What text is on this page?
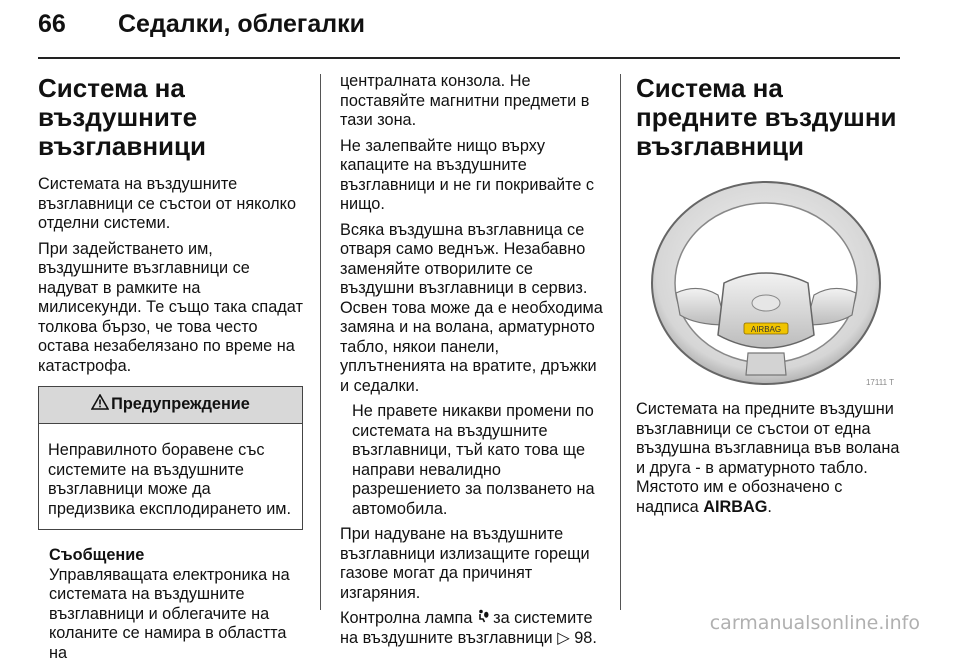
66	Седалки, облегалки
Система на въздушните възглавници

Системата на въздушните възглавници се състои от няколко отделни системи.

При задействането им, въздушните възглавници се надуват в рамките на милисекунди. Те също така спадат толкова бързо, че това често остава незабелязано по време на катастрофа.

Предупреждение
Неправилното боравене със системите на въздушните възглавници може да предизвика експлодирането им.
Съобщение
Управляващата електроника на системата на въздушните възглавници и облегачите на коланите се намира в областта на

централната конзола. Не поставяйте магнитни предмети в тази зона.

Не залепвайте нищо върху капаците на въздушните възглавници и не ги покривайте с нищо.

Всяка въздушна възглавница се отваря само веднъж. Незабавно заменяйте отворилите се въздушни възглавници в сервиз. Освен това може да е необходима замяна и на волана, арматурното табло, някои панели, уплътненията на вратите, дръжки и седалки.

Не правете никакви промени по системата на въздушните възглавници, тъй като това ще направи невалидно разрешението за ползването на автомобила.

При надуване на въздушните възглавници излизащите горещи газове могат да причинят изгаряния.

Контролна лампа за системите на въздушните възглавници ▷ 98.

Система на предните въздушни възглавници
AIRBAG
17111 T

Системата на предните въздушни възглавници се състои от една въздушна възглавница във волана и друга - в арматурното табло. Мястото им е обозначено с надписа AIRBAG.

carmanualsonline.info
